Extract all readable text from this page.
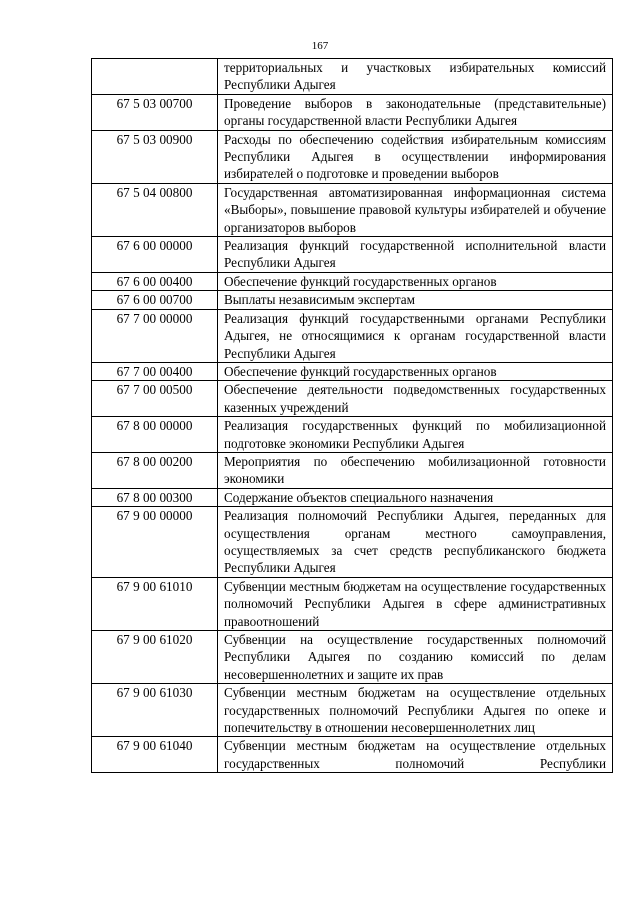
167
	территориальных и участковых избирательных комиссий Республики Адыгея
67 5 03 00700	Проведение выборов в законодательные (представительные) органы государственной власти Республики Адыгея
67 5 03 00900	Расходы по обеспечению содействия избирательным комиссиям Республики Адыгея в осуществлении информирования избирателей о подготовке и проведении выборов
67 5 04 00800	Государственная автоматизированная информационная система «Выборы», повышение правовой культуры избирателей и обучение организаторов выборов
67 6 00 00000	Реализация функций государственной исполнительной власти Республики Адыгея
67 6 00 00400	Обеспечение функций государственных органов
67 6 00 00700	Выплаты независимым экспертам
67 7 00 00000	Реализация функций государственными органами Республики Адыгея, не относящимися к органам государственной власти Республики Адыгея
67 7 00 00400	Обеспечение функций государственных органов
67 7 00 00500	Обеспечение деятельности подведомственных государственных казенных учреждений
67 8 00 00000	Реализация государственных функций по мобилизационной подготовке экономики Республики Адыгея
67 8 00 00200	Мероприятия по обеспечению мобилизационной готовности экономики
67 8 00 00300	Содержание объектов специального назначения
67 9 00 00000	Реализация полномочий Республики Адыгея, переданных для осуществления органам местного самоуправления, осуществляемых за счет средств республиканского бюджета Республики Адыгея
67 9 00 61010	Субвенции местным бюджетам на осуществление государственных полномочий Республики Адыгея в сфере административных правоотношений
67 9 00 61020	Субвенции на осуществление государственных полномочий Республики Адыгея по созданию комиссий по делам несовершеннолетних и защите их прав
67 9 00 61030	Субвенции местным бюджетам на осуществление отдельных государственных полномочий Республики Адыгея по опеке и попечительству в отношении несовершеннолетних лиц
67 9 00 61040	Субвенции местным бюджетам на осуществление отдельных государственных полномочий Республики
